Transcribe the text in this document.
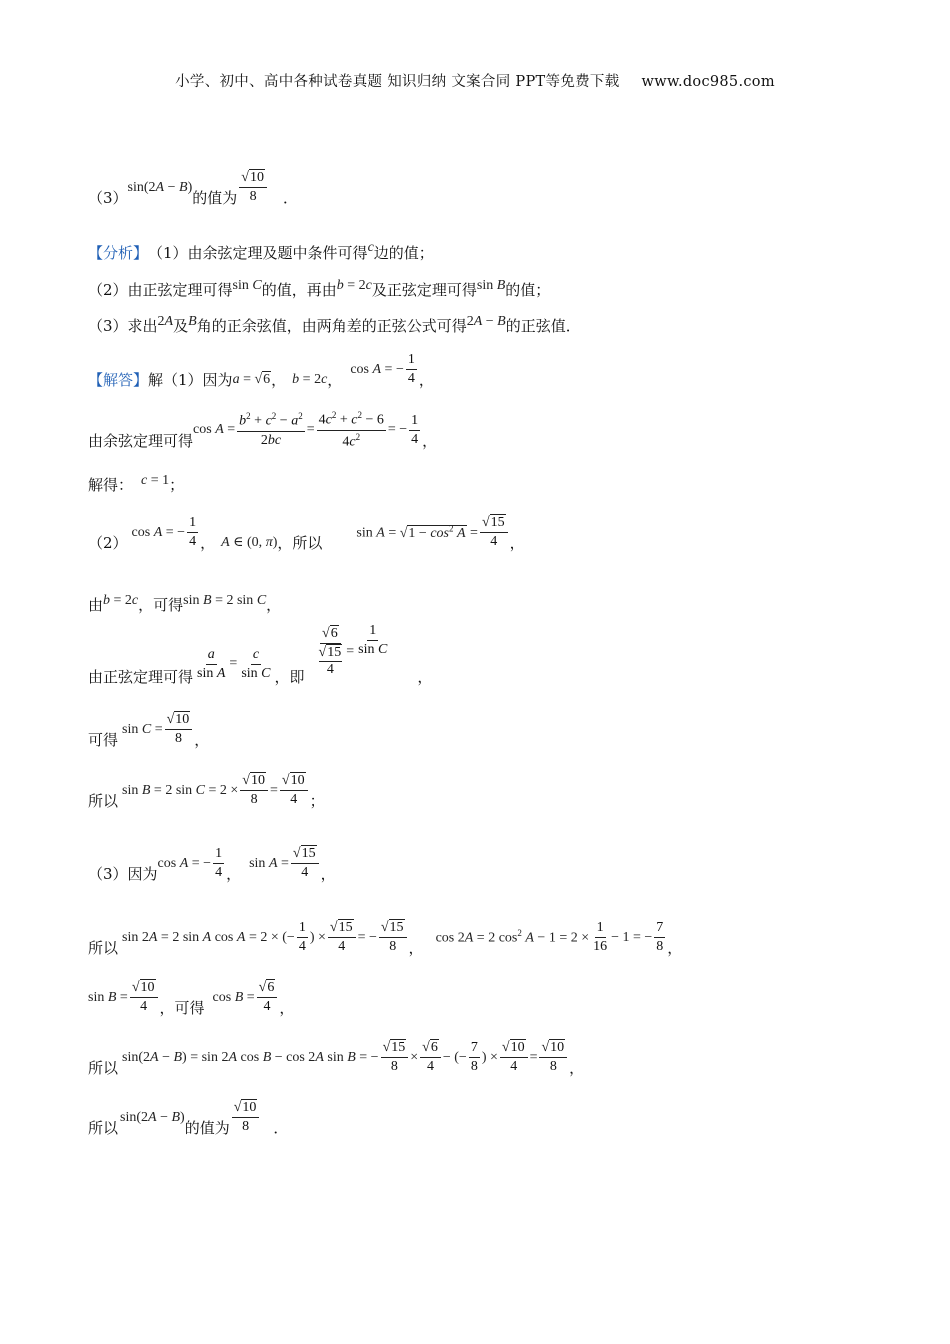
小学、初中、高中各种试卷真题 知识归纳 文案合同 PPT等免费下载 www.doc985.com
（3）
sin(2A − B)
的值为
√ 10
8 ．
【分析】 （1）由余弦定理及题中条件可得 c 边的值；
（2）由正弦定理可得 sin C 的值，再由 b = 2c 及正弦定理可得 sin B 的值；
（3）求出 2A 及 B 角的正余弦值，由两角差的正弦公式可得 2A − B 的正弦值．
【解答】 解（1）因为 a = √ 6 ， b = 2c ，
cos A = − $\frac{1}{4}$ ，
由余弦定理可得
$\cos A = \frac{b^2 + c^2 - a^2}{2bc} = \frac{4c^2 + c^2 - 6}{4c^2}$ = − $\frac{1}{4}$ ，
解得： c = 1 ；
（2）
cos A = − $\frac{1}{4}$ ， A ∈ (0, π) ， 所以
sin A = √ $1 - \cos^2 A$ = √ $\frac{15}{4}$ ，
由 b = 2c ， 可得 sin B = 2 sin C ，
由正弦定理可得 $\frac{a}{\text{sin A}} = \frac{c}{\text{sin C}}$ ， 即 √ 6
√ 15
$4 = \frac{1}{\text{sin C}}$
，
可得
sin C = √ $\frac{10}{8}$ ，
所以
sin B = 2 sin C = 2 × √ $\frac{10}{8}$ = √ $\frac{10}{4}$ ；
（3）因为
cos A = − $\frac{1}{4}$ ，
sin A = √ $\frac{15}{4}$ ，
所以
sin 2A = 2 sin A cos A = 2 × (− $\frac{1}{4}$ ) × √ $\frac{15}{4}$ = − √ $\frac{15}{8}$ ，
cos 2A = 2 $\cos^2 A - 1 = 2 \times \frac{1}{16} - 1$ = − $\frac{7}{8}$ ，
sin B = √ $\frac{10}{4}$ ， 可得
cos B = √ $\frac{6}{4}$ ，
所以
sin(2A − B) = sin 2A cos B − cos 2A sin B = − √ $\frac{15}{8}$ × √ $\frac{6}{4}$ − (− $\frac{7}{8}$ ) × √ $\frac{10}{4}$ = √ $\frac{10}{8}$ ，
所以
sin(2A − B)
的值为
√ 10
8 ．
